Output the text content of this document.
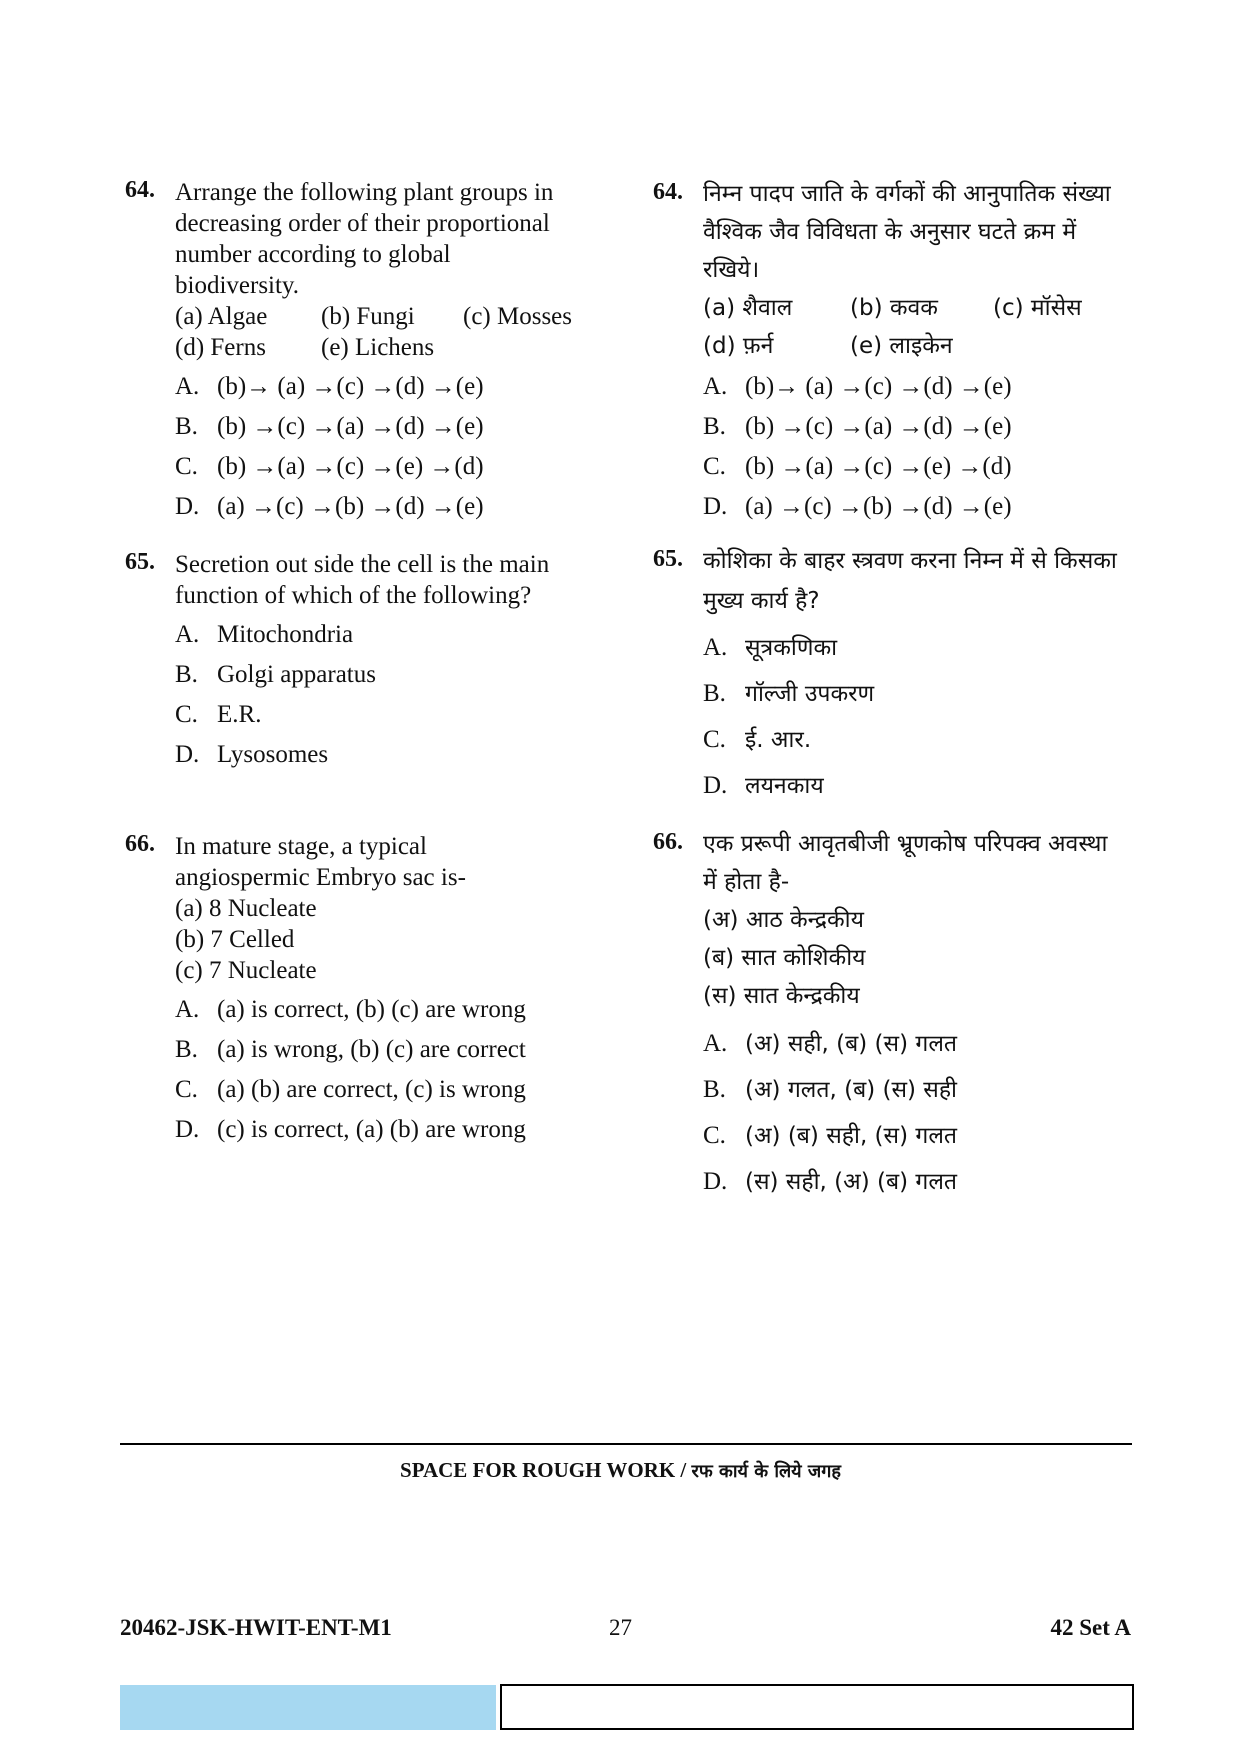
64. Arrange the following plant groups in
decreasing order of their proportional
number according to global
biodiversity.
(a) Algae	(b) Fungi	(c) Mosses
(d) Ferns	(e) Lichens
A. (b)→ (a) →(c) →(d) →(e)
B. (b) →(c) →(a) →(d) →(e)
C. (b) →(a) →(c) →(e) →(d)
D. (a) →(c) →(b) →(d) →(e)
65. Secretion out side the cell is the main
function of which of the following?
A. Mitochondria
B. Golgi apparatus
C. E.R.
D. Lysosomes
66. In mature stage, a typical
angiospermic Embryo sac is-
(a) 8 Nucleate
(b) 7 Celled
(c) 7 Nucleate
A. (a) is correct, (b) (c) are wrong
B. (a) is wrong, (b) (c) are correct
C. (a) (b) are correct, (c) is wrong
D. (c) is correct, (a) (b) are wrong
64. निम्न पादप जाति के वर्गकों की आनुपातिक संख्या
वैश्विक जैव विविधता के अनुसार घटते क्रम में
रखिये।
(a) शैवाल	(b) कवक	(c) मॉसेस
(d) फ़र्न	(e) लाइकेन
A. (b)→ (a) →(c) →(d) →(e)
B. (b) →(c) →(a) →(d) →(e)
C. (b) →(a) →(c) →(e) →(d)
D. (a) →(c) →(b) →(d) →(e)
65. कोशिका के बाहर स्त्रवण करना निम्न में से किसका
मुख्य कार्य है?
A. सूत्रकणिका
B. गॉल्जी उपकरण
C. ई. आर.
D. लयनकाय
66. एक प्ररूपी आवृतबीजी भ्रूणकोष परिपक्व अवस्था
में होता है-
(अ) आठ केन्द्रकीय
(ब) सात कोशिकीय
(स) सात केन्द्रकीय
A. (अ) सही, (ब) (स) गलत
B. (अ) गलत, (ब) (स) सही
C. (अ) (ब) सही, (स) गलत
D. (स) सही, (अ) (ब) गलत
SPACE FOR ROUGH WORK / रफ कार्य के लिये जगह
20462-JSK-HWIT-ENT-M1	27	42 Set A
